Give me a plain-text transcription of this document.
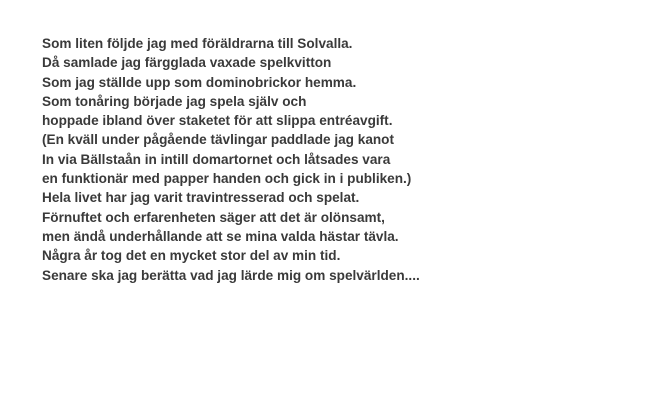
Som liten följde jag med föräldrarna till Solvalla.
Då samlade jag färgglada vaxade spelkvitton
Som jag ställde upp som dominobrickor hemma.
Som tonåring började jag spela själv och
hoppade ibland över staketet för att slippa entréavgift.
(En kväll under pågående tävlingar paddlade jag kanot
In via Bällstaån in intill domartornet och låtsades vara
en funktionär med papper handen och gick in i publiken.)
Hela livet har jag varit travintresserad och spelat.
Förnuftet och erfarenheten säger att det är olönsamt,
men ändå underhållande att se mina valda hästar tävla.
Några år tog det en mycket stor del av min tid.
Senare ska jag berätta vad jag lärde mig om spelvärlden....
